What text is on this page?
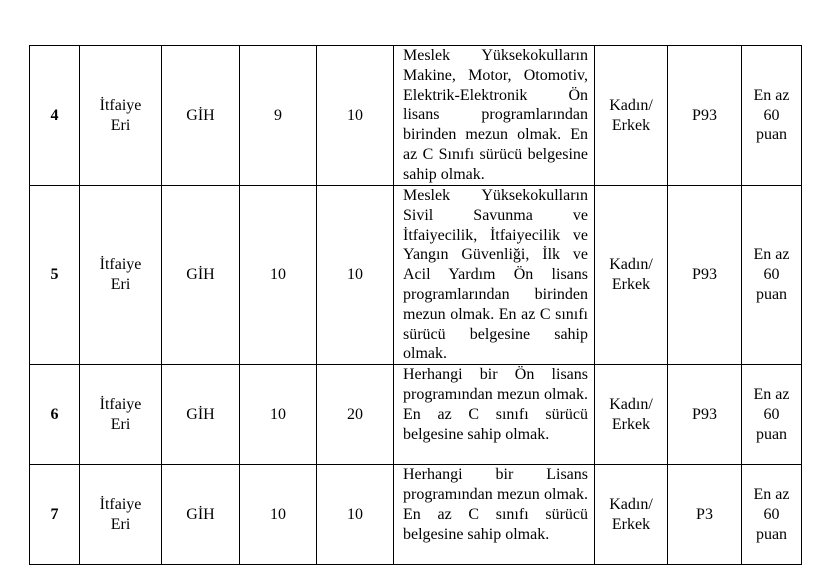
4	İtfaiye
Eri	GİH	9	10	Meslek Yüksekokulların Makine, Motor, Otomotiv, Elektrik-Elektronik Ön lisans programlarından birinden mezun olmak. En az C Sınıfı sürücü belgesine sahip olmak.	Kadın/
Erkek	P93	En az
60
puan

5	İtfaiye
Eri	GİH	10	10	Meslek Yüksekokulların Sivil Savunma ve İtfaiyecilik, İtfaiyecilik ve Yangın Güvenliği, İlk ve Acil Yardım Ön lisans programlarından birinden mezun olmak. En az C sınıfı sürücü belgesine sahip olmak.	Kadın/
Erkek	P93	En az
60
puan

6	İtfaiye
Eri	GİH	10	20	Herhangi bir Ön lisans programından mezun olmak. En az C sınıfı sürücü belgesine sahip olmak.	Kadın/
Erkek	P93	En az
60
puan

7	İtfaiye
Eri	GİH	10	10	Herhangi bir Lisans programından mezun olmak. En az C sınıfı sürücü belgesine sahip olmak.	Kadın/
Erkek	P3	En az
60
puan
